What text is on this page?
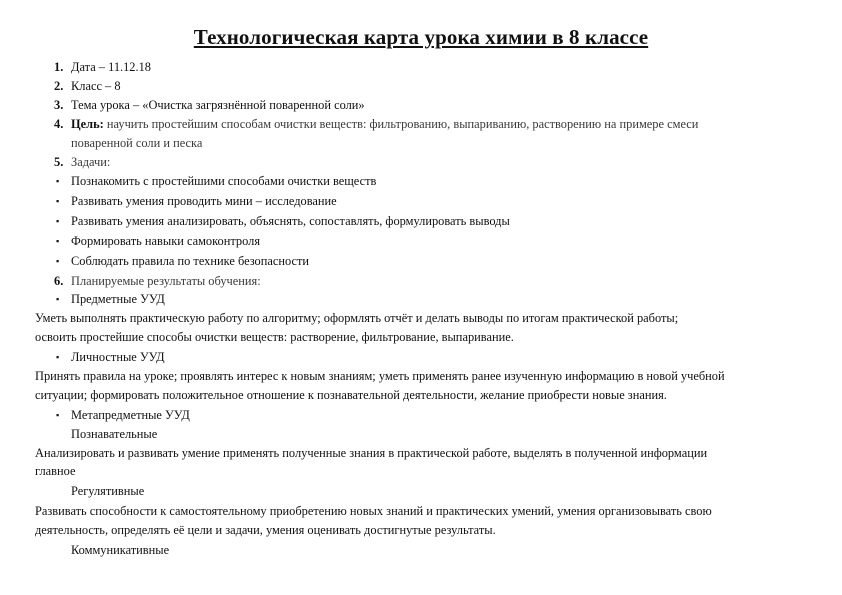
Технологическая карта урока химии в 8 классе
1. Дата – 11.12.18
2. Класс – 8
3. Тема урока – «Очистка загрязнённой поваренной соли»
4. Цель: научить простейшим способам очистки веществ: фильтрованию, выпариванию, растворению на примере смеси
поваренной соли и песка
5. Задачи:
▪ Познакомить с простейшими способами очистки веществ
▪ Развивать умения проводить мини – исследование
▪ Развивать умения анализировать, объяснять, сопоставлять, формулировать выводы
▪ Формировать навыки самоконтроля
▪ Соблюдать правила по технике безопасности
6. Планируемые результаты обучения:
▪ Предметные УУД
Уметь выполнять практическую работу по алгоритму; оформлять отчёт и делать выводы по итогам практической работы;
освоить простейшие способы очистки веществ: растворение, фильтрование, выпаривание.
▪ Личностные УУД
Принять правила на уроке; проявлять интерес к новым знаниям; уметь применять ранее изученную информацию в новой учебной
ситуации; формировать положительное отношение к познавательной деятельности, желание приобрести новые знания.
▪ Метапредметные УУД
Познавательные
Анализировать и развивать умение применять полученные знания в практической работе, выделять в полученной информации
главное
Регулятивные
Развивать способности к самостоятельному приобретению новых знаний и практических умений, умения организовывать свою
деятельность, определять её цели и задачи, умения оценивать достигнутые результаты.
Коммуникативные
